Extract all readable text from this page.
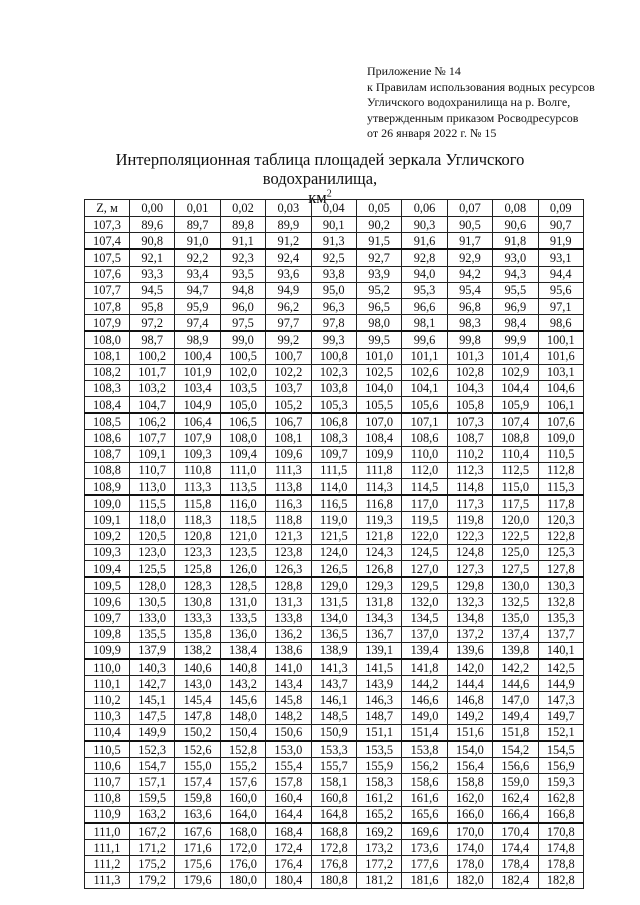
Приложение № 14
к Правилам использования водных ресурсов
Угличского водохранилища на р. Волге,
утвержденным приказом Росводресурсов
от 26 января 2022 г. № 15
Интерполяционная таблица площадей зеркала Угличского водохранилища,
$км^2$
Z, м	0,00	0,01	0,02	0,03	0,04	0,05	0,06	0,07	0,08	0,09
107,3	89,6	89,7	89,8	89,9	90,1	90,2	90,3	90,5	90,6	90,7
107,4	90,8	91,0	91,1	91,2	91,3	91,5	91,6	91,7	91,8	91,9
107,5	92,1	92,2	92,3	92,4	92,5	92,7	92,8	92,9	93,0	93,1
107,6	93,3	93,4	93,5	93,6	93,8	93,9	94,0	94,2	94,3	94,4
107,7	94,5	94,7	94,8	94,9	95,0	95,2	95,3	95,4	95,5	95,6
107,8	95,8	95,9	96,0	96,2	96,3	96,5	96,6	96,8	96,9	97,1
107,9	97,2	97,4	97,5	97,7	97,8	98,0	98,1	98,3	98,4	98,6
108,0	98,7	98,9	99,0	99,2	99,3	99,5	99,6	99,8	99,9	100,1
108,1	100,2	100,4	100,5	100,7	100,8	101,0	101,1	101,3	101,4	101,6
108,2	101,7	101,9	102,0	102,2	102,3	102,5	102,6	102,8	102,9	103,1
108,3	103,2	103,4	103,5	103,7	103,8	104,0	104,1	104,3	104,4	104,6
108,4	104,7	104,9	105,0	105,2	105,3	105,5	105,6	105,8	105,9	106,1
108,5	106,2	106,4	106,5	106,7	106,8	107,0	107,1	107,3	107,4	107,6
108,6	107,7	107,9	108,0	108,1	108,3	108,4	108,6	108,7	108,8	109,0
108,7	109,1	109,3	109,4	109,6	109,7	109,9	110,0	110,2	110,4	110,5
108,8	110,7	110,8	111,0	111,3	111,5	111,8	112,0	112,3	112,5	112,8
108,9	113,0	113,3	113,5	113,8	114,0	114,3	114,5	114,8	115,0	115,3
109,0	115,5	115,8	116,0	116,3	116,5	116,8	117,0	117,3	117,5	117,8
109,1	118,0	118,3	118,5	118,8	119,0	119,3	119,5	119,8	120,0	120,3
109,2	120,5	120,8	121,0	121,3	121,5	121,8	122,0	122,3	122,5	122,8
109,3	123,0	123,3	123,5	123,8	124,0	124,3	124,5	124,8	125,0	125,3
109,4	125,5	125,8	126,0	126,3	126,5	126,8	127,0	127,3	127,5	127,8
109,5	128,0	128,3	128,5	128,8	129,0	129,3	129,5	129,8	130,0	130,3
109,6	130,5	130,8	131,0	131,3	131,5	131,8	132,0	132,3	132,5	132,8
109,7	133,0	133,3	133,5	133,8	134,0	134,3	134,5	134,8	135,0	135,3
109,8	135,5	135,8	136,0	136,2	136,5	136,7	137,0	137,2	137,4	137,7
109,9	137,9	138,2	138,4	138,6	138,9	139,1	139,4	139,6	139,8	140,1
110,0	140,3	140,6	140,8	141,0	141,3	141,5	141,8	142,0	142,2	142,5
110,1	142,7	143,0	143,2	143,4	143,7	143,9	144,2	144,4	144,6	144,9
110,2	145,1	145,4	145,6	145,8	146,1	146,3	146,6	146,8	147,0	147,3
110,3	147,5	147,8	148,0	148,2	148,5	148,7	149,0	149,2	149,4	149,7
110,4	149,9	150,2	150,4	150,6	150,9	151,1	151,4	151,6	151,8	152,1
110,5	152,3	152,6	152,8	153,0	153,3	153,5	153,8	154,0	154,2	154,5
110,6	154,7	155,0	155,2	155,4	155,7	155,9	156,2	156,4	156,6	156,9
110,7	157,1	157,4	157,6	157,8	158,1	158,3	158,6	158,8	159,0	159,3
110,8	159,5	159,8	160,0	160,4	160,8	161,2	161,6	162,0	162,4	162,8
110,9	163,2	163,6	164,0	164,4	164,8	165,2	165,6	166,0	166,4	166,8
111,0	167,2	167,6	168,0	168,4	168,8	169,2	169,6	170,0	170,4	170,8
111,1	171,2	171,6	172,0	172,4	172,8	173,2	173,6	174,0	174,4	174,8
111,2	175,2	175,6	176,0	176,4	176,8	177,2	177,6	178,0	178,4	178,8
111,3	179,2	179,6	180,0	180,4	180,8	181,2	181,6	182,0	182,4	182,8
